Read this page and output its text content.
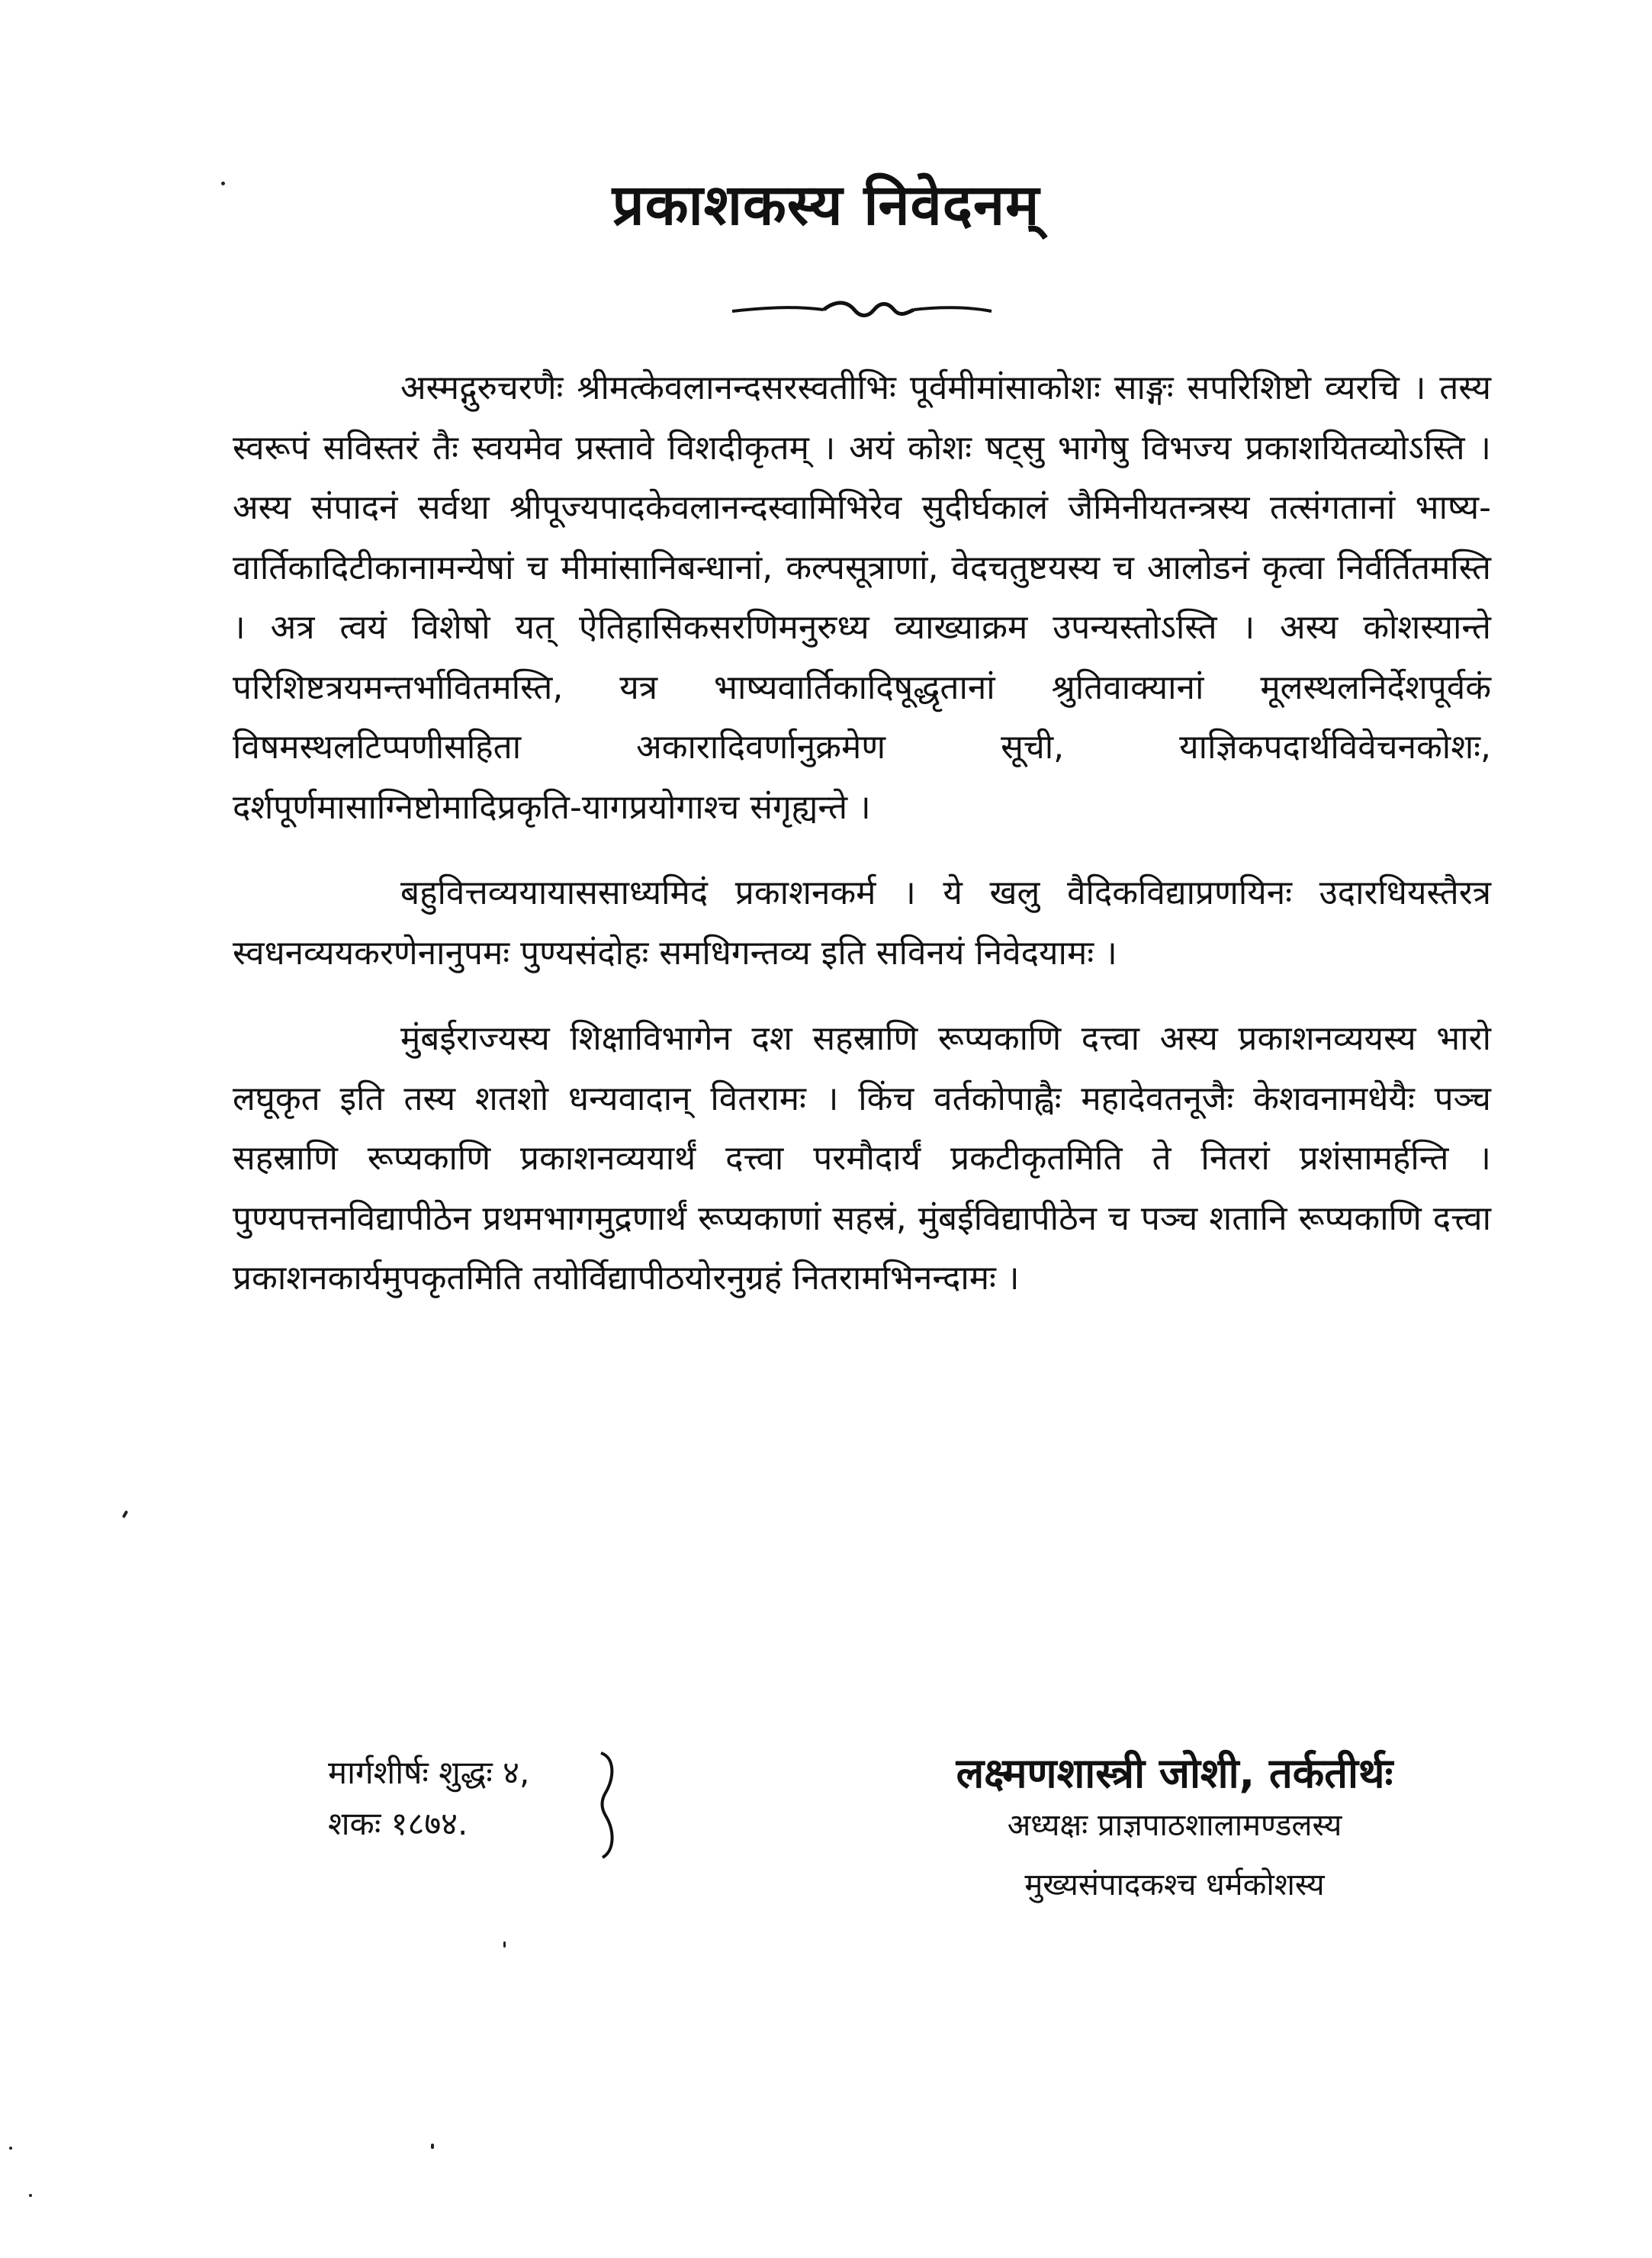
प्रकाशकस्य निवेदनम्

अस्मद्गुरुचरणैः श्रीमत्केवलानन्दसरस्वतीभिः पूर्वमीमांसाकोशः साङ्गः सपरिशिष्टो व्यरचि । तस्य स्वरूपं सविस्तरं तैः स्वयमेव प्रस्तावे विशदीकृतम् । अयं कोशः षट्सु भागेषु विभज्य प्रकाशयितव्योऽस्ति । अस्य संपादनं सर्वथा श्रीपूज्यपादकेवलानन्दस्वामिभिरेव सुदीर्घकालं जैमिनीयतन्त्रस्य तत्संगतानां भाष्य-वार्तिकादिटीकानामन्येषां च मीमांसानिबन्धानां, कल्पसूत्राणां, वेदचतुष्टयस्य च आलोडनं कृत्वा निर्वर्तितमस्ति । अत्र त्वयं विशेषो यत् ऐतिहासिकसरणिमनुरुध्य व्याख्याक्रम उपन्यस्तोऽस्ति । अस्य कोशस्यान्ते परिशिष्टत्रयमन्तर्भावितमस्ति, यत्र भाष्यवार्तिकादिषूद्धृतानां श्रुतिवाक्यानां मूलस्थलनिर्देशपूर्वकं विषमस्थलटिप्पणीसहिता अकारादिवर्णानुक्रमेण सूची, याज्ञिकपदार्थविवेचनकोशः, दर्शपूर्णमासाग्निष्टोमादिप्रकृति-यागप्रयोगाश्च संगृह्यन्ते ।

बहुवित्तव्ययायाससाध्यमिदं प्रकाशनकर्म । ये खलु वैदिकविद्याप्रणयिनः उदारधियस्तैरत्र स्वधनव्ययकरणेनानुपमः पुण्यसंदोहः समधिगन्तव्य इति सविनयं निवेदयामः ।

मुंबईराज्यस्य शिक्षाविभागेन दश सहस्राणि रूप्यकाणि दत्त्वा अस्य प्रकाशनव्ययस्य भारो लघूकृत इति तस्य शतशो धन्यवादान् वितरामः । किंच वर्तकोपाह्वैः महादेवतनूजैः केशवनामधेयैः पञ्च सहस्राणि रूप्यकाणि प्रकाशनव्ययार्थं दत्त्वा परमौदार्यं प्रकटीकृतमिति ते नितरां प्रशंसामर्हन्ति । पुण्यपत्तनविद्यापीठेन प्रथमभागमुद्रणार्थं रूप्यकाणां सहस्रं, मुंबईविद्यापीठेन च पञ्च शतानि रूप्यकाणि दत्त्वा प्रकाशनकार्यमुपकृतमिति तयोर्विद्यापीठयोरनुग्रहं नितरामभिनन्दामः ।

मार्गशीर्षः शुद्धः ४,
शकः १८७४.
लक्ष्मणशास्त्री जोशी, तर्कतीर्थः
अध्यक्षः प्राज्ञपाठशालामण्डलस्य
मुख्यसंपादकश्च धर्मकोशस्य
